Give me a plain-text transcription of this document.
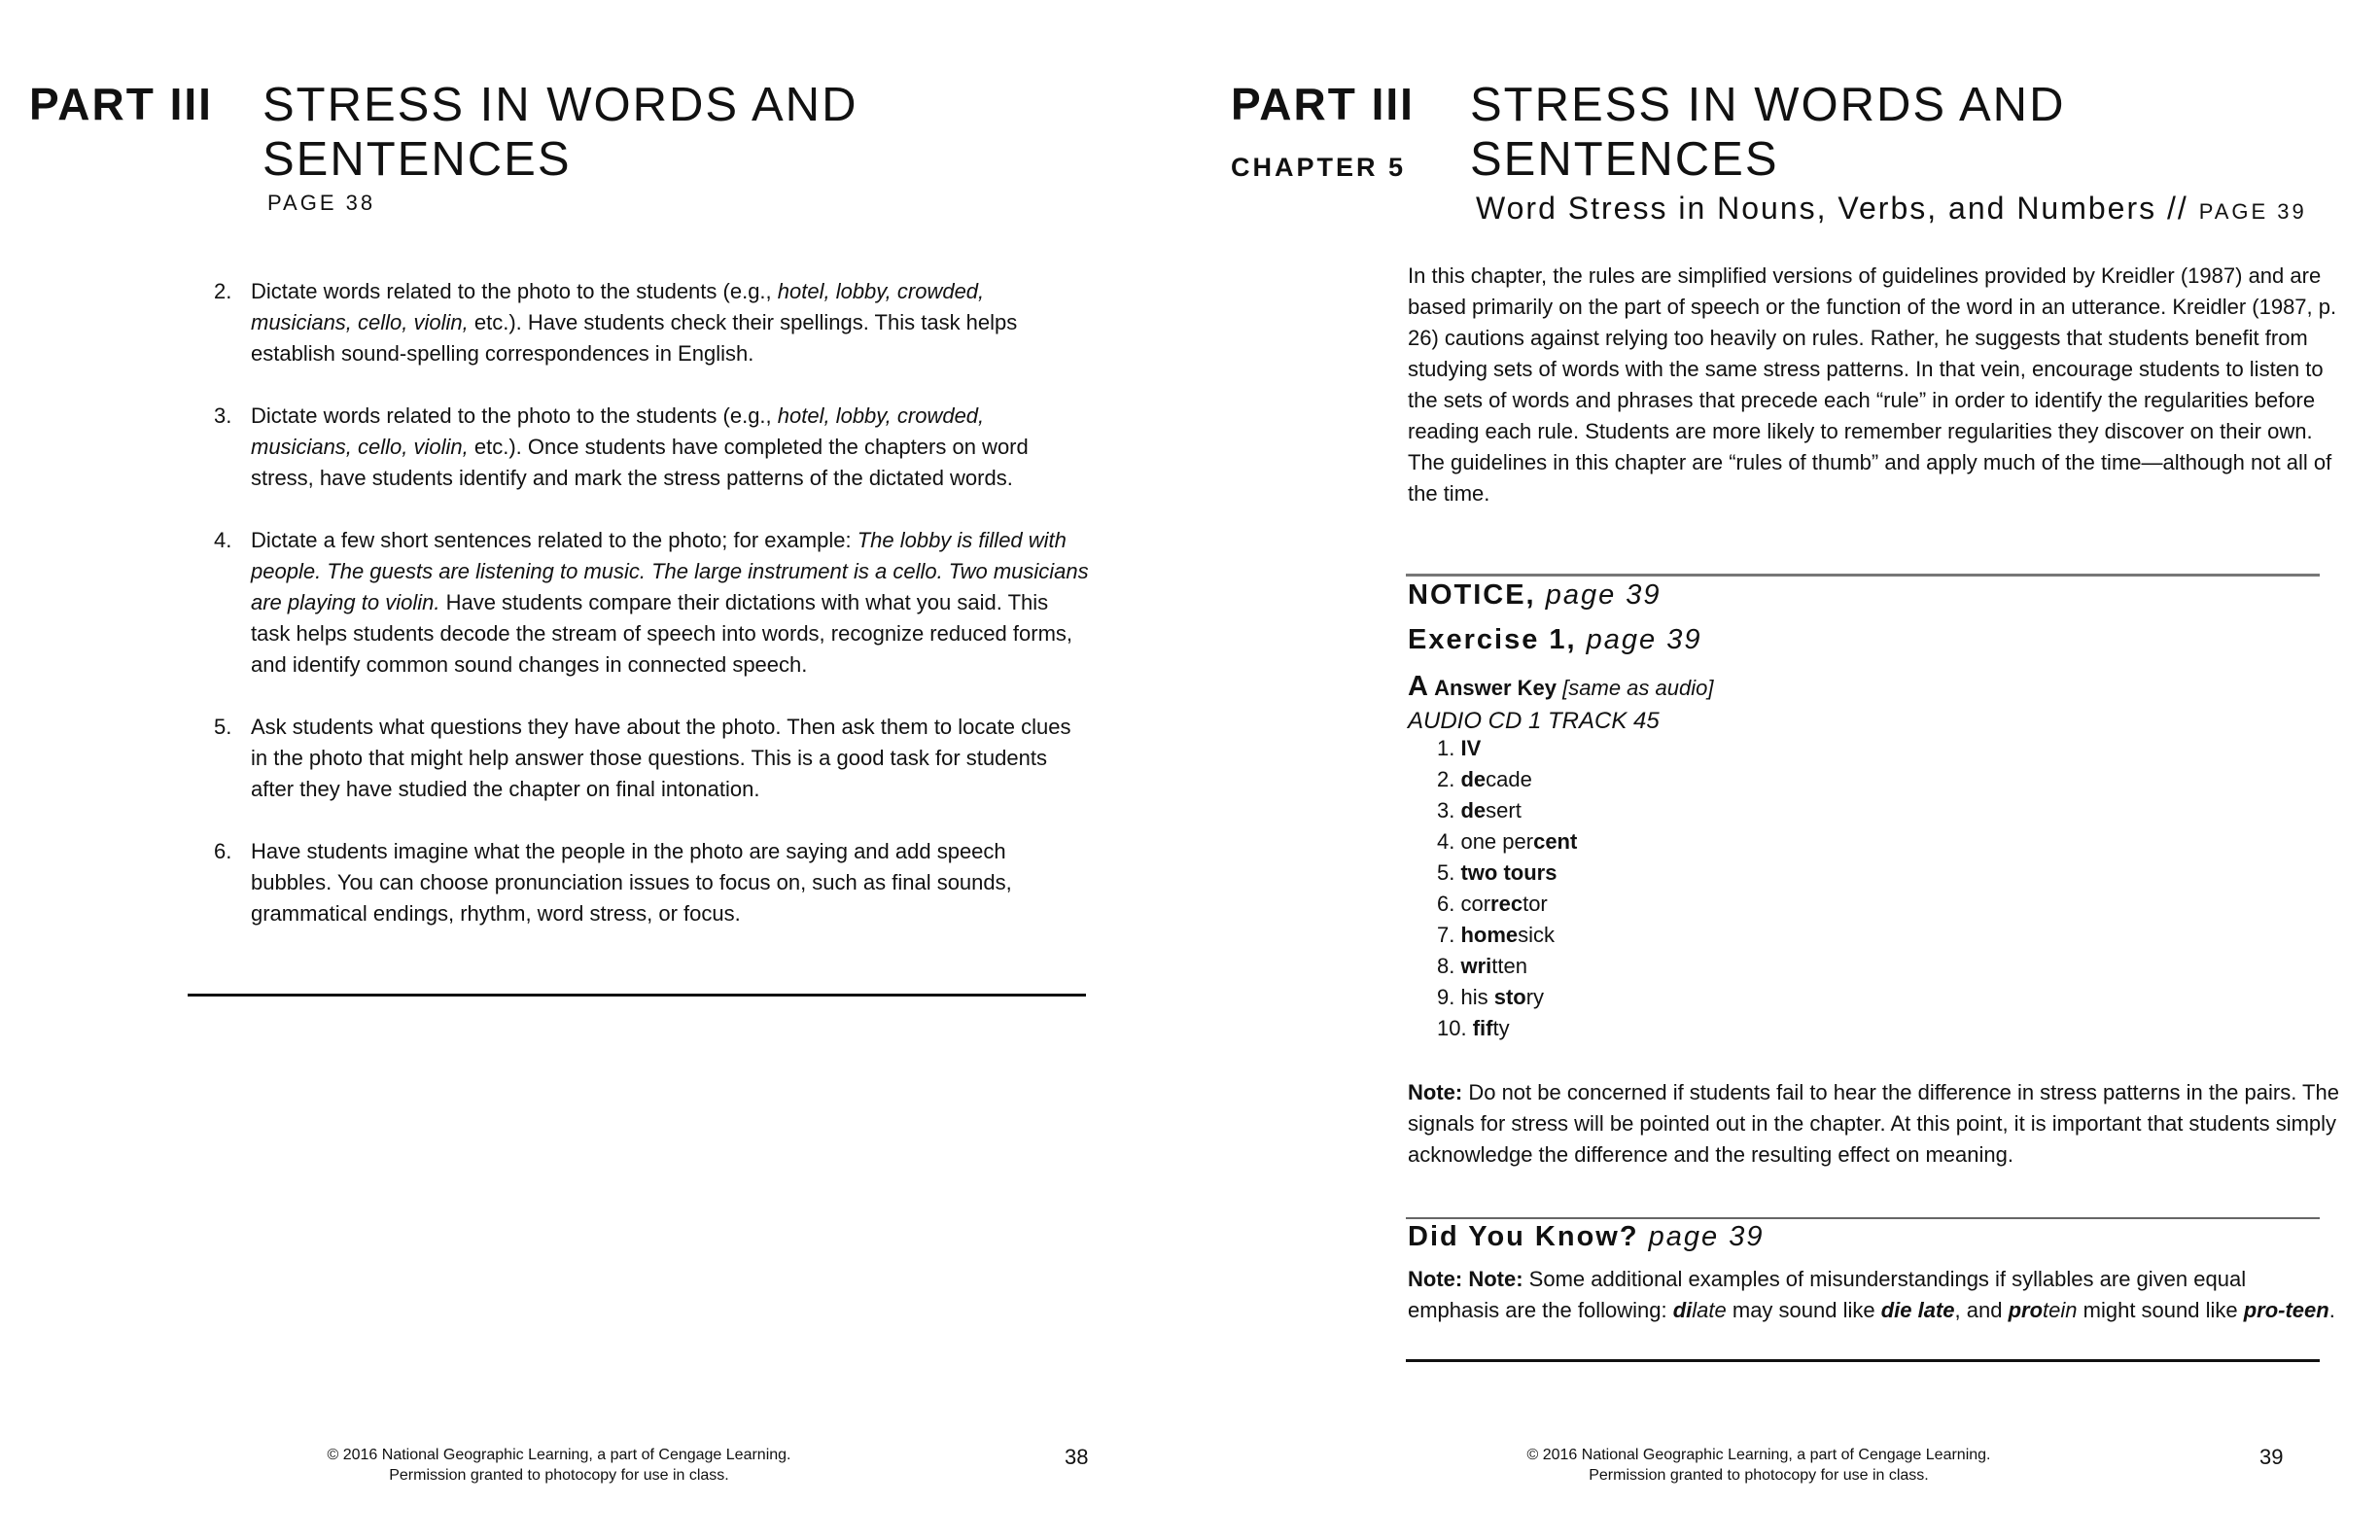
PART III STRESS IN WORDS AND
SENTENCES
PAGE 38
2. Dictate words related to the photo to the students (e.g., hotel, lobby, crowded, musicians, cello, violin, etc.). Have students check their spellings. This task helps establish sound-spelling correspondences in English.
3. Dictate words related to the photo to the students (e.g., hotel, lobby, crowded, musicians, cello, violin, etc.). Once students have completed the chapters on word stress, have students identify and mark the stress patterns of the dictated words.
4. Dictate a few short sentences related to the photo; for example: The lobby is filled with people. The guests are listening to music. The large instrument is a cello. Two musicians are playing to violin. Have students compare their dictations with what you said. This task helps students decode the stream of speech into words, recognize reduced forms, and identify common sound changes in connected speech.
5. Ask students what questions they have about the photo. Then ask them to locate clues in the photo that might help answer those questions. This is a good task for students after they have studied the chapter on final intonation.
6. Have students imagine what the people in the photo are saying and add speech bubbles. You can choose pronunciation issues to focus on, such as final sounds, grammatical endings, rhythm, word stress, or focus.
© 2016 National Geographic Learning, a part of Cengage Learning.
Permission granted to photocopy for use in class.
38
PART III
CHAPTER 5
STRESS IN WORDS AND
SENTENCES
Word Stress in Nouns, Verbs, and Numbers // PAGE 39

In this chapter, the rules are simplified versions of guidelines provided by Kreidler (1987) and are based primarily on the part of speech or the function of the word in an utterance. Kreidler (1987, p. 26) cautions against relying too heavily on rules. Rather, he suggests that students benefit from studying sets of words with the same stress patterns. In that vein, encourage students to listen to the sets of words and phrases that precede each “rule” in order to identify the regularities before reading each rule. Students are more likely to remember regularities they discover on their own. The guidelines in this chapter are “rules of thumb” and apply much of the time—although not all of the time.

NOTICE, page 39
Exercise 1, page 39
A Answer Key [same as audio]
AUDIO CD 1 TRACK 45
1. IV
2. decade
3. desert
4. one percent
5. two tours
6. corrector
7. homesick
8. written
9. his story
10. fifty

Note: Do not be concerned if students fail to hear the difference in stress patterns in the pairs. The signals for stress will be pointed out in the chapter. At this point, it is important that students simply acknowledge the difference and the resulting effect on meaning.

Did You Know? page 39

Note: Note: Some additional examples of misunderstandings if syllables are given equal emphasis are the following: dilate may sound like die late, and protein might sound like pro-teen.

© 2016 National Geographic Learning, a part of Cengage Learning.
Permission granted to photocopy for use in class.
39
